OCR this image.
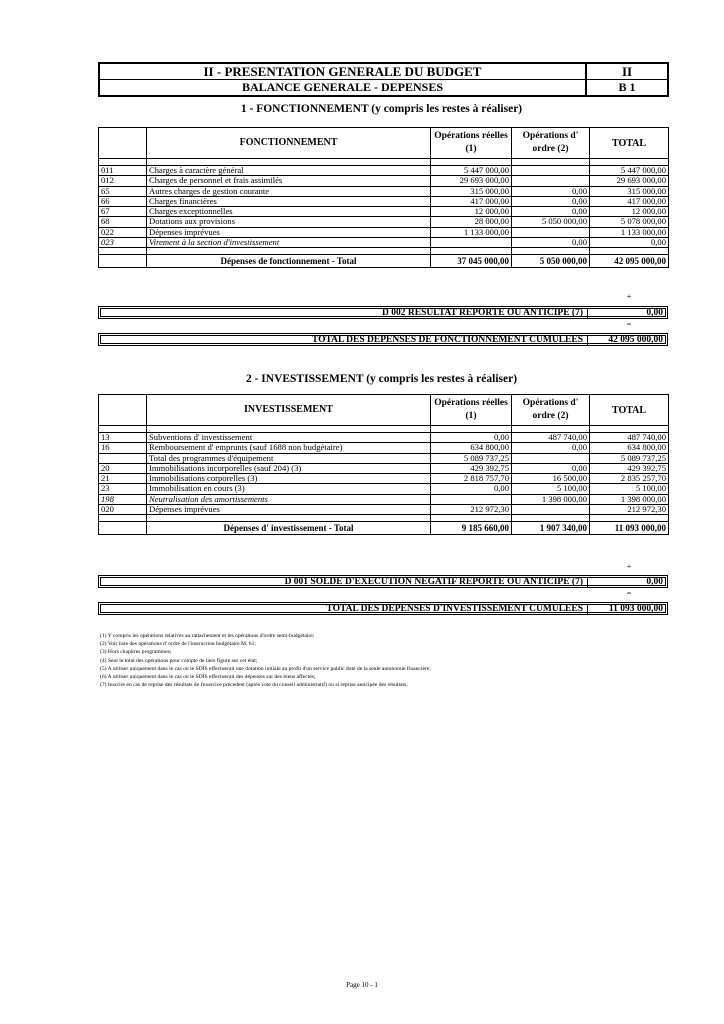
II - PRESENTATION GENERALE DU BUDGET	II
BALANCE GENERALE - DEPENSES	B 1
1 - FONCTIONNEMENT (y compris les restes à réaliser)
	FONCTIONNEMENT	Opérations réelles (1)	Opérations d' ordre (2)	TOTAL

011	Charges à caractère général	5 447 000,00		5 447 000,00
012	Charges de personnel et frais assimilés	29 693 000,00		29 693 000,00
65	Autres charges de gestion courante	315 000,00	0,00	315 000,00
66	Charges financières	417 000,00	0,00	417 000,00
67	Charges exceptionnelles	12 000,00	0,00	12 000,00
68	Dotations aux provisions	28 000,00	5 050 000,00	5 078 000,00
022	Dépenses imprévues	1 133 000,00		1 133 000,00
023	Virement à la section d'investissement		0,00	0,00

	Dépenses de fonctionnement - Total	37 045 000,00	5 050 000,00	42 095 000,00
+
D 002 RESULTAT REPORTE OU ANTICIPE (7)	0,00
=
TOTAL DES DEPENSES DE FONCTIONNEMENT CUMULEES	42 095 000,00
2 - INVESTISSEMENT (y compris les restes à réaliser)
	INVESTISSEMENT	Opérations réelles (1)	Opérations d' ordre (2)	TOTAL

13	Subventions d' investissement	0,00	487 740,00	487 740,00
16	Remboursement d' emprunts (sauf 1688 non budgétaire)	634 800,00	0,00	634 800,00
	Total des programmes d'équipement	5 089 737,25		5 089 737,25
20	Immobilisations incorporelles (sauf 204) (3)	429 392,75	0,00	429 392,75
21	Immobilisations corporelles (3)	2 818 757,70	16 500,00	2 835 257,70
23	Immobilisation en cours (3)	0,00	5 100,00	5 100,00
198	Neutralisation des amortissements		1 398 000,00	1 398 000,00
020	Dépenses imprévues	212 972,30		212 972,30

	Dépenses d' investissement - Total	9 185 660,00	1 907 340,00	11 093 000,00
+
D 001 SOLDE D'EXECUTION NEGATIF REPORTE OU ANTICIPE (7)	0,00
=
TOTAL DES DEPENSES D'INVESTISSEMENT CUMULEES	11 093 000,00
(1) Y compris les opérations relatives au rattachement et les opérations d'ordre semi-budgétaire;
(2) Voir liste des opérations d' ordre de l'instruction budgétaire M. 61;
(3) Hors chapitres programmes;
(4) Seul le total des opérations pour compte de tiers figure sur cet état;
(5) A utiliser uniquement dans le cas où le SDIS effectuerait une dotation initiale au profit d'un service public doté de la seule autonomie financière;
(6) A utiliser uniquement dans le cas où le SDIS effectuerait des dépenses sur des biens affectés;
(7) Inscrire en cas de reprise des résultats de l'exercice précedent (après vote du conseil administratif) ou si reprise anticipée des résultats;
Page 10 - 1
